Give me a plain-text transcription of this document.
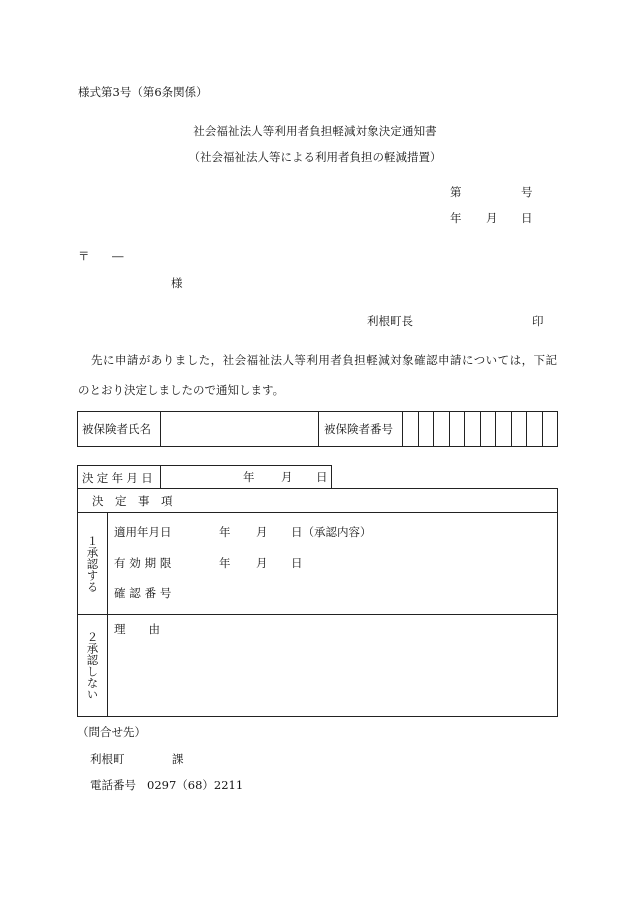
様式第3号（第6条関係）
社会福祉法人等利用者負担軽減対象決定通知書
（社会福祉法人等による利用者負担の軽減措置）
第	号
年 月 日
〒 ―
様
利根町長	印
先に申請がありました，社会福祉法人等利用者負担軽減対象確認申請については，下記
のとおり決定しましたので通知します。
被保険者氏名	被保険者番号
決定年月日	年 月 日
決　定　事　項
１承認する
適用年月日	年 月 日（承認内容）
有効期限	年 月 日
確認番号
２承認しない
理　　由
（問合せ先）
利根町	課
電話番号 0297（68）2211
